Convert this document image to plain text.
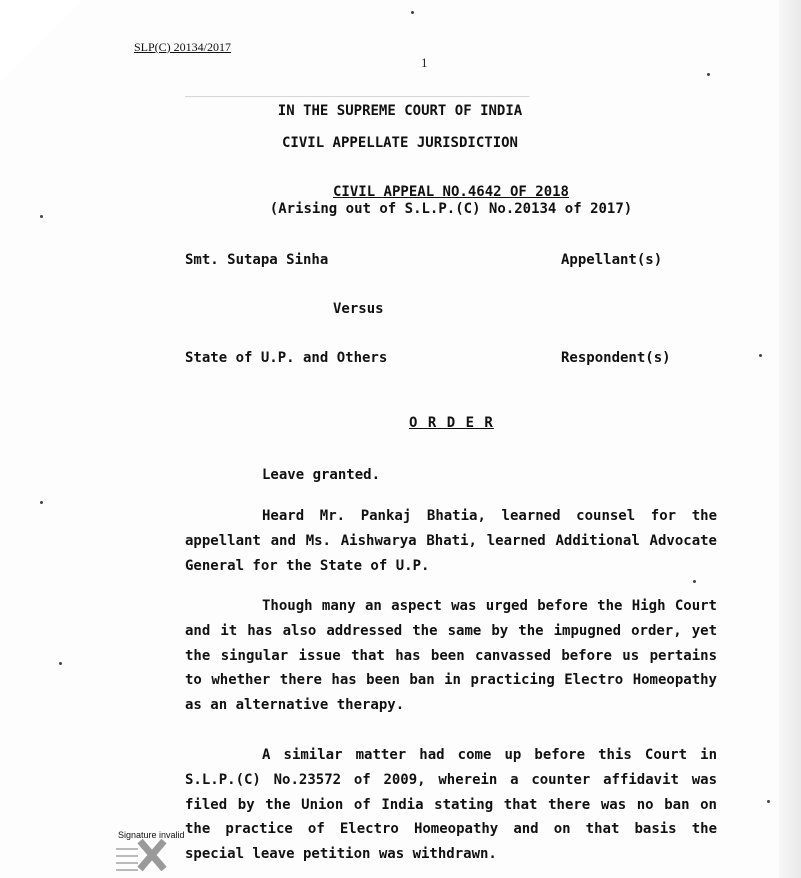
────────────────────────────────────────────
SLP(C) 20134/2017
1
IN THE SUPREME COURT OF INDIA
CIVIL APPELLATE JURISDICTION
CIVIL APPEAL NO.4642 OF 2018
(Arising out of S.L.P.(C) No.20134 of 2017)
Smt. Sutapa Sinha	Appellant(s)
Versus
State of U.P. and Others	Respondent(s)
O R D E R

Leave granted.

Heard Mr. Pankaj Bhatia, learned counsel for the appellant and Ms. Aishwarya Bhati, learned Additional Advocate General for the State of U.P.

Though many an aspect was urged before the High Court and it has also addressed the same by the impugned order, yet the singular issue that has been canvassed before us pertains to whether there has been ban in practicing Electro Homeopathy as an alternative therapy.

A similar matter had come up before this Court in S.L.P.(C) No.23572 of 2009, wherein a counter affidavit was filed by the Union of India stating that there was no ban on the practice of Electro Homeopathy and on that basis the special leave petition was withdrawn.

Signature invalid
